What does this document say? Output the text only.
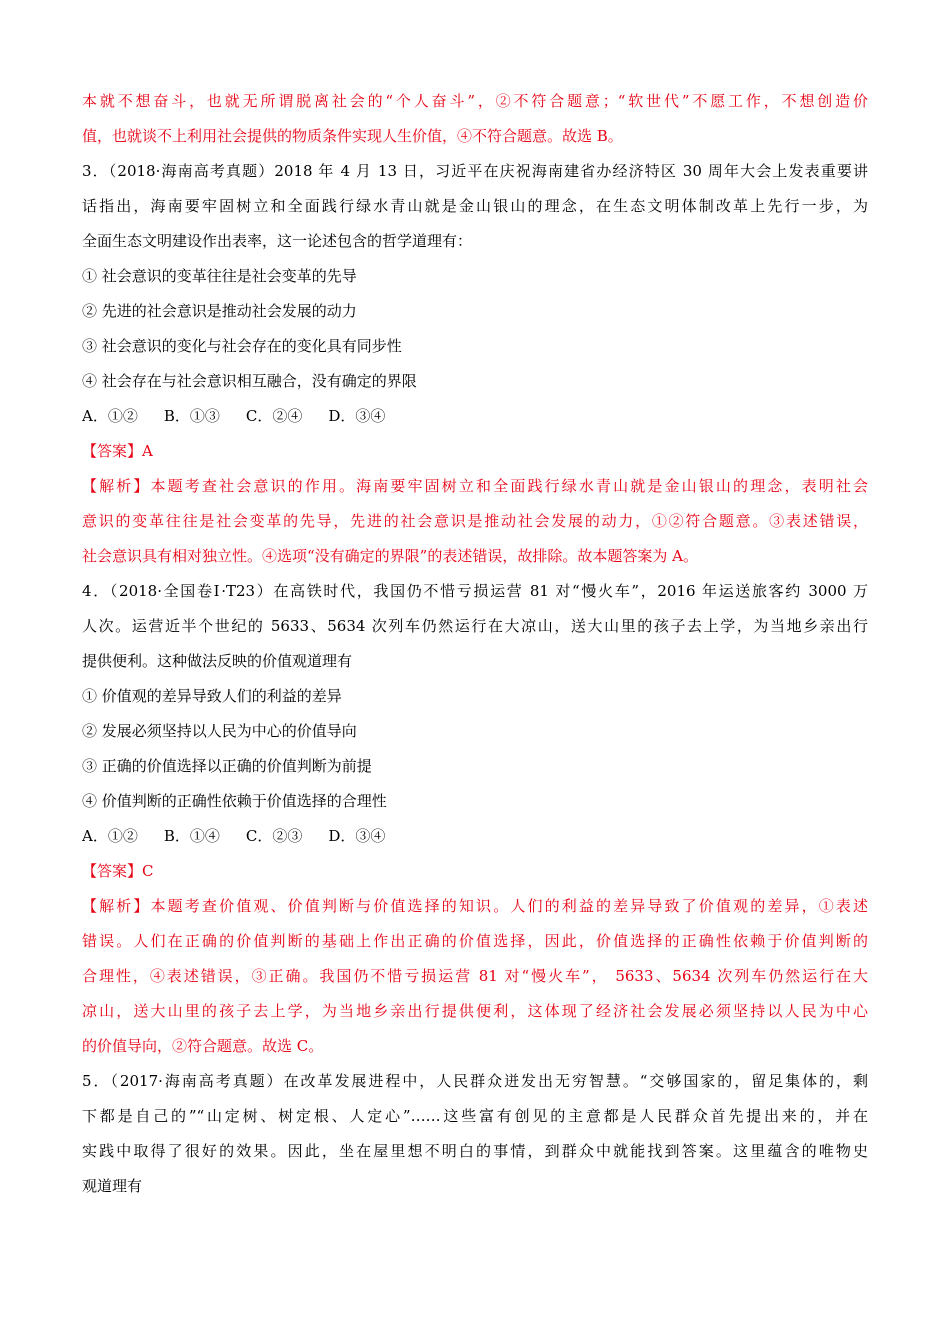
本就不想奋斗，也就无所谓脱离社会的“个人奋斗”，②不符合题意；“软世代”不愿工作，不想创造价
值，也就谈不上利用社会提供的物质条件实现人生价值，④不符合题意。故选 B。
3．（2018·海南高考真题）2018 年 4 月 13 日，习近平在庆祝海南建省办经济特区 30 周年大会上发表重要讲
话指出，海南要牢固树立和全面践行绿水青山就是金山银山的理念，在生态文明体制改革上先行一步，为
全面生态文明建设作出表率，这一论述包含的哲学道理有：
① 社会意识的变革往往是社会变革的先导
② 先进的社会意识是推动社会发展的动力
③ 社会意识的变化与社会存在的变化具有同步性
④ 社会存在与社会意识相互融合，没有确定的界限
A．①② B．①③ C．②④ D．③④
【答案】A
【解析】本题考查社会意识的作用。海南要牢固树立和全面践行绿水青山就是金山银山的理念，表明社会
意识的变革往往是社会变革的先导，先进的社会意识是推动社会发展的动力，①②符合题意。③表述错误，
社会意识具有相对独立性。④选项“没有确定的界限”的表述错误，故排除。故本题答案为 A。
4．（2018·全国卷Ⅰ·T23）在高铁时代，我国仍不惜亏损运营 81 对“慢火车”，2016 年运送旅客约 3000 万
人次。运营近半个世纪的 5633、5634 次列车仍然运行在大凉山，送大山里的孩子去上学，为当地乡亲出行
提供便利。这种做法反映的价值观道理有
① 价值观的差异导致人们的利益的差异
② 发展必须坚持以人民为中心的价值导向
③ 正确的价值选择以正确的价值判断为前提
④ 价值判断的正确性依赖于价值选择的合理性
A．①② B．①④ C．②③ D．③④
【答案】C
【解析】本题考查价值观、价值判断与价值选择的知识。人们的利益的差异导致了价值观的差异，①表述
错误。人们在正确的价值判断的基础上作出正确的价值选择，因此，价值选择的正确性依赖于价值判断的
合理性，④表述错误，③正确。我国仍不惜亏损运营 81 对“慢火车”， 5633、5634 次列车仍然运行在大
凉山，送大山里的孩子去上学，为当地乡亲出行提供便利，这体现了经济社会发展必须坚持以人民为中心
的价值导向，②符合题意。故选 C。
5．（2017·海南高考真题）在改革发展进程中，人民群众迸发出无穷智慧。“交够国家的，留足集体的，剩
下都是自己的”“山定树、树定根、人定心”……这些富有创见的主意都是人民群众首先提出来的，并在
实践中取得了很好的效果。因此，坐在屋里想不明白的事情，到群众中就能找到答案。这里蕴含的唯物史
观道理有
